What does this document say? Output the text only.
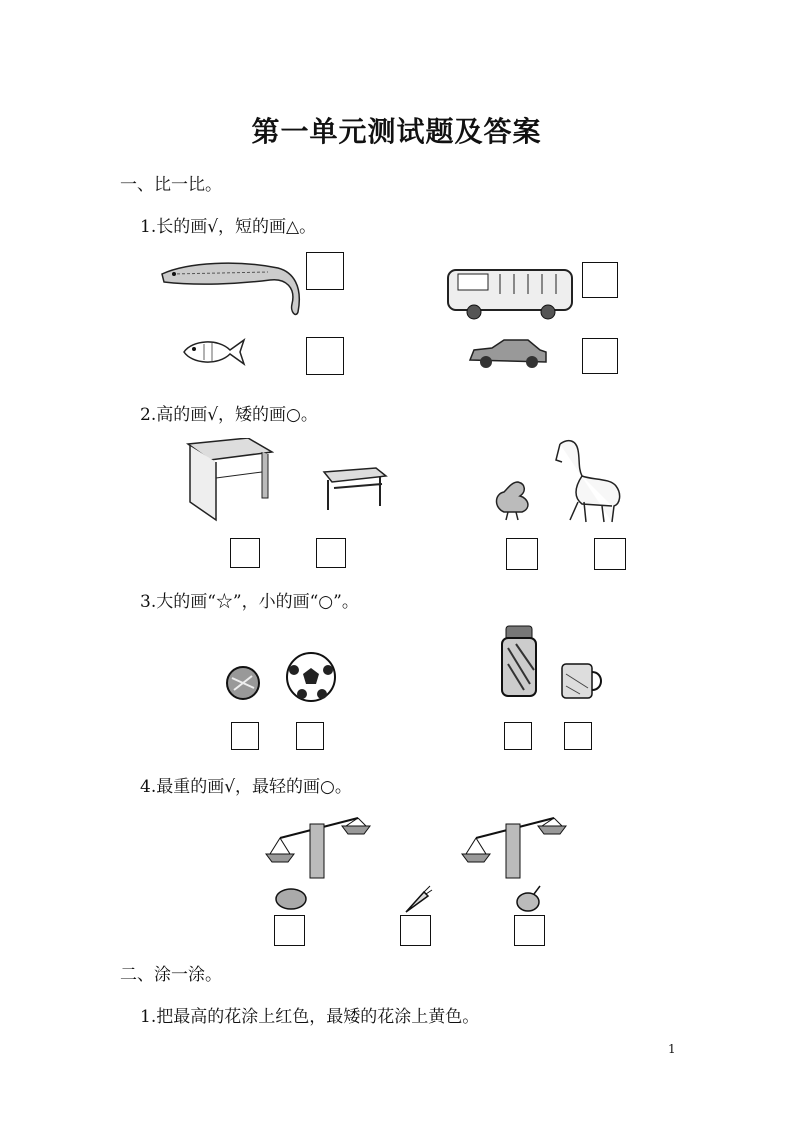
第一单元测试题及答案
一、比一比。
1.长的画√，短的画△。
2.高的画√，矮的画○。
3.大的画“☆”，小的画“○”。
4.最重的画√，最轻的画○。
二、涂一涂。
1.把最高的花涂上红色，最矮的花涂上黄色。
1
